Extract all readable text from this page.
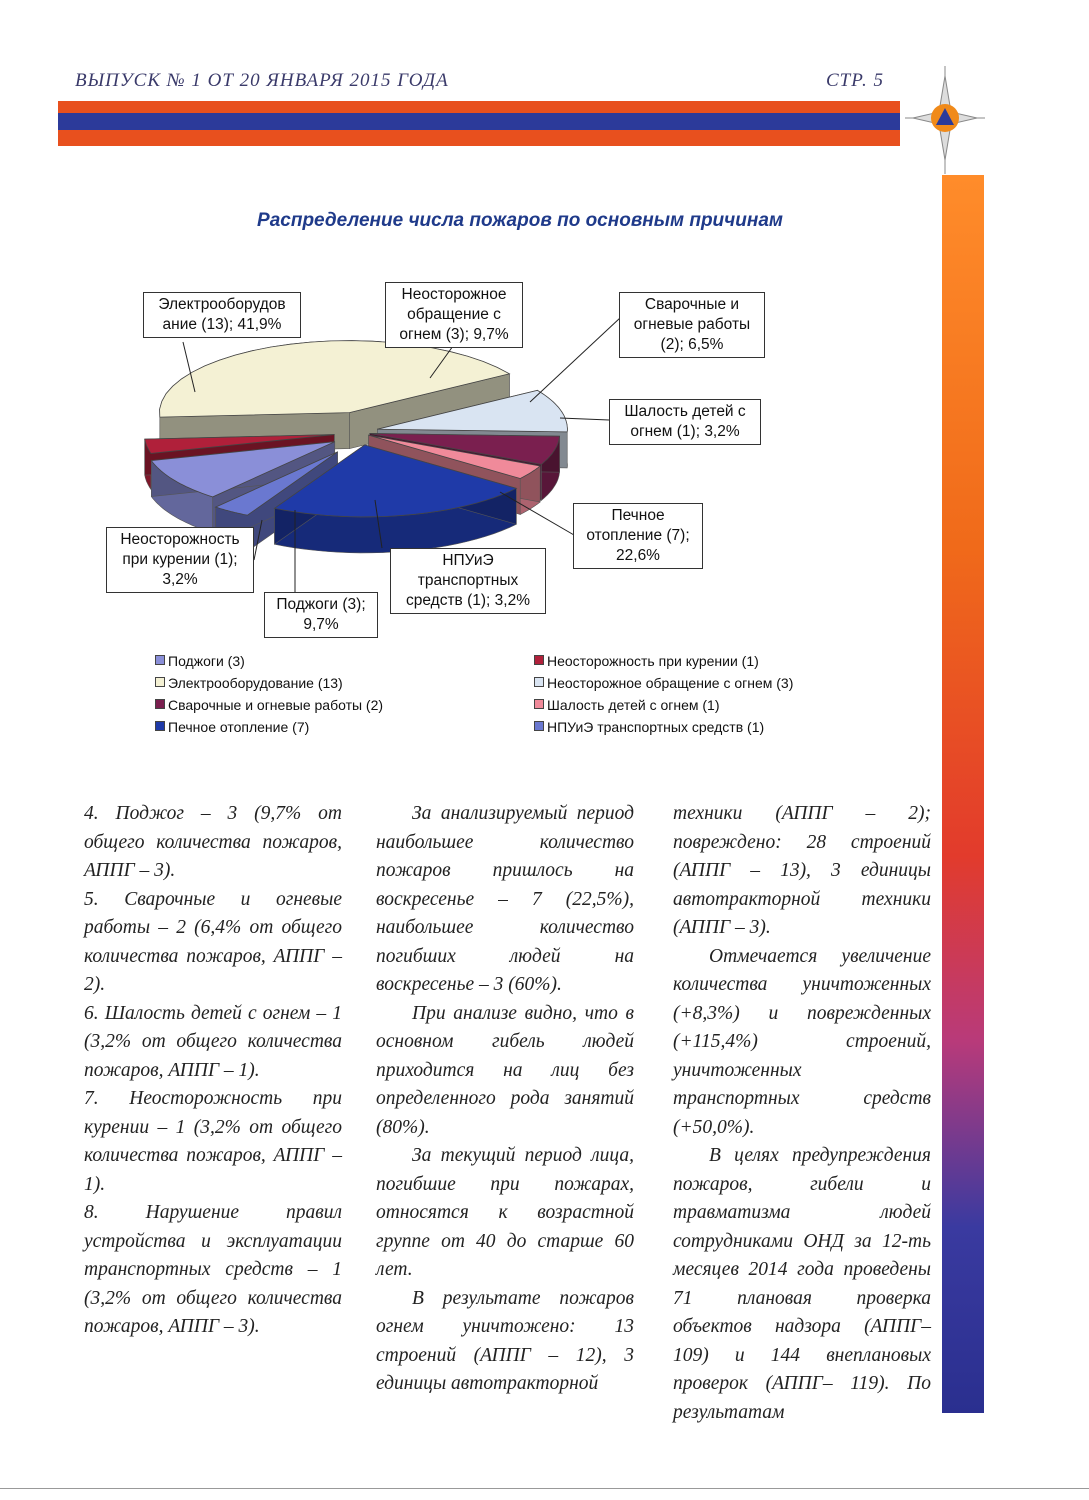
ВЫПУСК № 1 ОТ 20 ЯНВАРЯ 2015 ГОДА	СТР. 5
Распределение числа пожаров по основным причинам
Электрооборудов ание (13); 41,9%
Неосторожное обращение с огнем (3); 9,7%
Сварочные и огневые работы (2); 6,5%
Шалость детей с огнем (1); 3,2%
Печное отопление (7); 22,6%
НПУиЭ транспортных средств (1); 3,2%
Поджоги (3); 9,7%
Неосторожность при курении (1); 3,2%
Поджоги (3)	Неосторожность при курении (1)
Электрооборудование (13)	Неосторожное обращение с огнем (3)
Сварочные и огневые работы (2)	Шалость детей с огнем (1)
Печное отопление (7)	НПУиЭ транспортных средств (1)

4. Поджог – 3 (9,7% от общего количества пожаров, АППГ – 3).

5. Сварочные и огневые работы – 2 (6,4% от общего количества пожаров, АППГ – 2).

6. Шалость детей с огнем – 1 (3,2% от общего количества пожаров, АППГ – 1).

7. Неосторожность при курении – 1 (3,2% от общего количества пожаров, АППГ – 1).

8. Нарушение правил устройства и эксплуатации транспортных средств – 1 (3,2% от общего количества пожаров, АППГ – 3).

За анализируемый период наибольшее количество пожаров пришлось на воскресенье – 7 (22,5%), наибольшее количество погибших людей на воскресенье – 3 (60%).

При анализе видно, что в основном гибель людей приходится на лиц без определенного рода занятий (80%).

За текущий период лица, погибшие при пожарах, относятся к возрастной группе от 40 до старше 60 лет.

В результате пожаров огнем уничтожено: 13 строений (АППГ – 12), 3 единицы автотракторной

техники (АППГ – 2); повреждено: 28 строений (АППГ – 13), 3 единицы автотракторной техники (АППГ – 3).

Отмечается увеличение количества уничтоженных (+8,3%) и поврежденных (+115,4%) строений, уничтоженных транспортных средств (+50,0%).

В целях предупреждения пожаров, гибели и травматизма людей сотрудниками ОНД за 12-ть месяцев 2014 года проведены 71 плановая проверка объектов надзора (АППГ– 109) и 144 внеплановых проверок (АППГ– 119). По результатам
